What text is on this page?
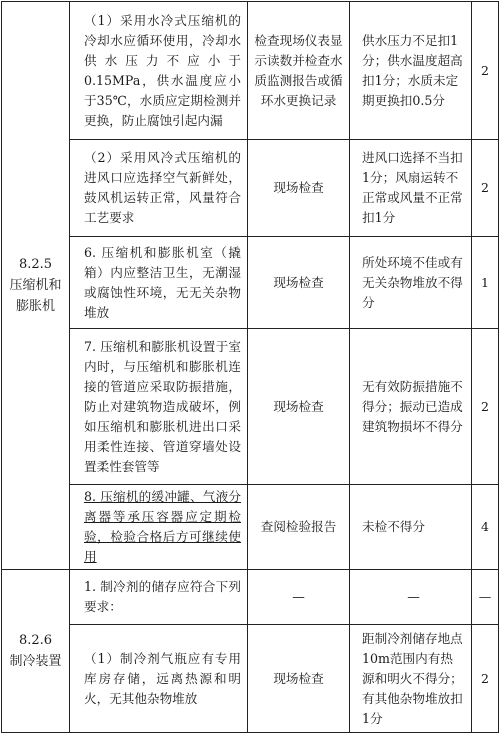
8.2.5
压缩机和
膨胀机	（1）采用水冷式压缩机的冷却水应循环使用，冷却水供水压力不应小于0.15MPa，供水温度应小于35℃，水质应定期检测并更换，防止腐蚀引起内漏	检查现场仪表显示读数并检查水质监测报告或循环水更换记录	供水压力不足扣1分；供水温度超高扣1分；水质未定期更换扣0.5分	2
	（2）采用风冷式压缩机的进风口应选择空气新鲜处，鼓风机运转正常，风量符合工艺要求	现场检查	进风口选择不当扣1分；风扇运转不正常或风量不正常扣1分	2
	6. 压缩机和膨胀机室（撬箱）内应整洁卫生，无潮湿或腐蚀性环境，无无关杂物堆放	现场检查	所处环境不佳或有无关杂物堆放不得分	1
	7. 压缩机和膨胀机设置于室内时，与压缩机和膨胀机连接的管道应采取防振措施，防止对建筑物造成破坏，例如压缩机和膨胀机进出口采用柔性连接、管道穿墙处设置柔性套管等	现场检查	无有效防振措施不得分；振动已造成建筑物损坏不得分	2
	8. 压缩机的缓冲罐、气液分离器等承压容器应定期检验，检验合格后方可继续使用	查阅检验报告	未检不得分	4
8.2.6
制冷装置	1. 制冷剂的储存应符合下列要求：	—	—	—
	（1）制冷剂气瓶应有专用库房存储，远离热源和明火，无其他杂物堆放	现场检查	距制冷剂储存地点10m范围内有热源和明火不得分；有其他杂物堆放扣1分	2
